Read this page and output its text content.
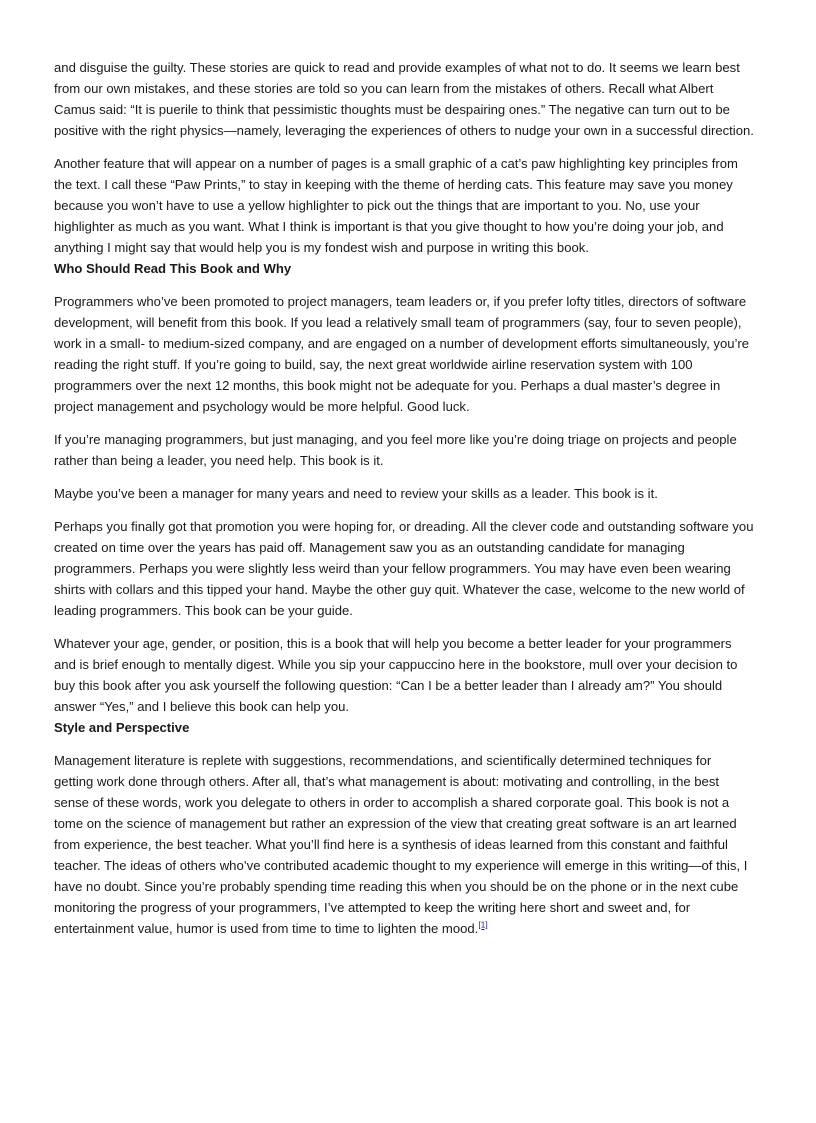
and disguise the guilty. These stories are quick to read and provide examples of what not to do. It seems we learn best from our own mistakes, and these stories are told so you can learn from the mistakes of others. Recall what Albert Camus said: “It is puerile to think that pessimistic thoughts must be despairing ones.” The negative can turn out to be positive with the right physics—namely, leveraging the experiences of others to nudge your own in a successful direction.

Another feature that will appear on a number of pages is a small graphic of a cat’s paw highlighting key principles from the text. I call these “Paw Prints,” to stay in keeping with the theme of herding cats. This feature may save you money because you won’t have to use a yellow highlighter to pick out the things that are important to you. No, use your highlighter as much as you want. What I think is important is that you give thought to how you’re doing your job, and anything I might say that would help you is my fondest wish and purpose in writing this book.

Who Should Read This Book and Why

Programmers who’ve been promoted to project managers, team leaders or, if you prefer lofty titles, directors of software development, will benefit from this book. If you lead a relatively small team of programmers (say, four to seven people), work in a small- to medium-sized company, and are engaged on a number of development efforts simultaneously, you’re reading the right stuff. If you’re going to build, say, the next great worldwide airline reservation system with 100 programmers over the next 12 months, this book might not be adequate for you. Perhaps a dual master’s degree in project management and psychology would be more helpful. Good luck.

If you’re managing programmers, but just managing, and you feel more like you’re doing triage on projects and people rather than being a leader, you need help. This book is it.

Maybe you’ve been a manager for many years and need to review your skills as a leader. This book is it.

Perhaps you finally got that promotion you were hoping for, or dreading. All the clever code and outstanding software you created on time over the years has paid off. Management saw you as an outstanding candidate for managing programmers. Perhaps you were slightly less weird than your fellow programmers. You may have even been wearing shirts with collars and this tipped your hand. Maybe the other guy quit. Whatever the case, welcome to the new world of leading programmers. This book can be your guide.

Whatever your age, gender, or position, this is a book that will help you become a better leader for your programmers and is brief enough to mentally digest. While you sip your cappuccino here in the bookstore, mull over your decision to buy this book after you ask yourself the following question: “Can I be a better leader than I already am?” You should answer “Yes,” and I believe this book can help you.

Style and Perspective

Management literature is replete with suggestions, recommendations, and scientifically determined techniques for getting work done through others. After all, that’s what management is about: motivating and controlling, in the best sense of these words, work you delegate to others in order to accomplish a shared corporate goal. This book is not a tome on the science of management but rather an expression of the view that creating great software is an art learned from experience, the best teacher. What you’ll find here is a synthesis of ideas learned from this constant and faithful teacher. The ideas of others who’ve contributed academic thought to my experience will emerge in this writing—of this, I have no doubt. Since you’re probably spending time reading this when you should be on the phone or in the next cube monitoring the progress of your programmers, I’ve attempted to keep the writing here short and sweet and, for entertainment value, humor is used from time to time to lighten the mood.[1]
